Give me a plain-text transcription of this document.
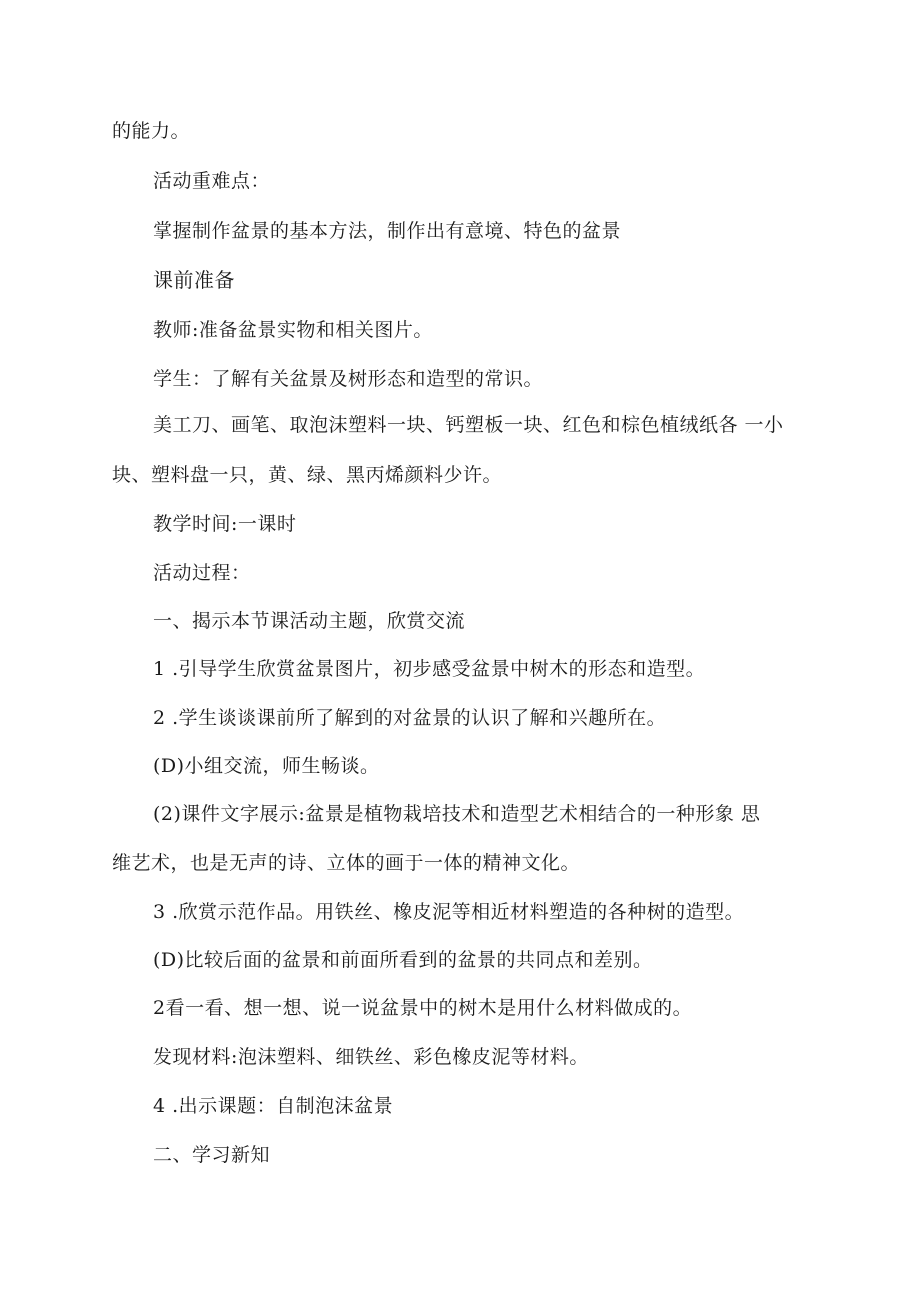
的能力。
活动重难点：
掌握制作盆景的基本方法，制作出有意境、特色的盆景
课前准备
教师:准备盆景实物和相关图片。
学生：了解有关盆景及树形态和造型的常识。
美工刀、画笔、取泡沫塑料一块、钙塑板一块、红色和棕色植绒纸各 一小
块、塑料盘一只，黄、绿、黑丙烯颜料少许。
教学时间:一课时
活动过程：
一、揭示本节课活动主题，欣赏交流
1 .引导学生欣赏盆景图片，初步感受盆景中树木的形态和造型。
2 .学生谈谈课前所了解到的对盆景的认识了解和兴趣所在。
(D)小组交流，师生畅谈。
(2)课件文字展示:盆景是植物栽培技术和造型艺术相结合的一种形象 思
维艺术，也是无声的诗、立体的画于一体的精神文化。
3 .欣赏示范作品。用铁丝、橡皮泥等相近材料塑造的各种树的造型。
(D)比较后面的盆景和前面所看到的盆景的共同点和差别。
2看一看、想一想、说一说盆景中的树木是用什么材料做成的。
发现材料:泡沫塑料、细铁丝、彩色橡皮泥等材料。
4 .出示课题：自制泡沫盆景
二、学习新知
